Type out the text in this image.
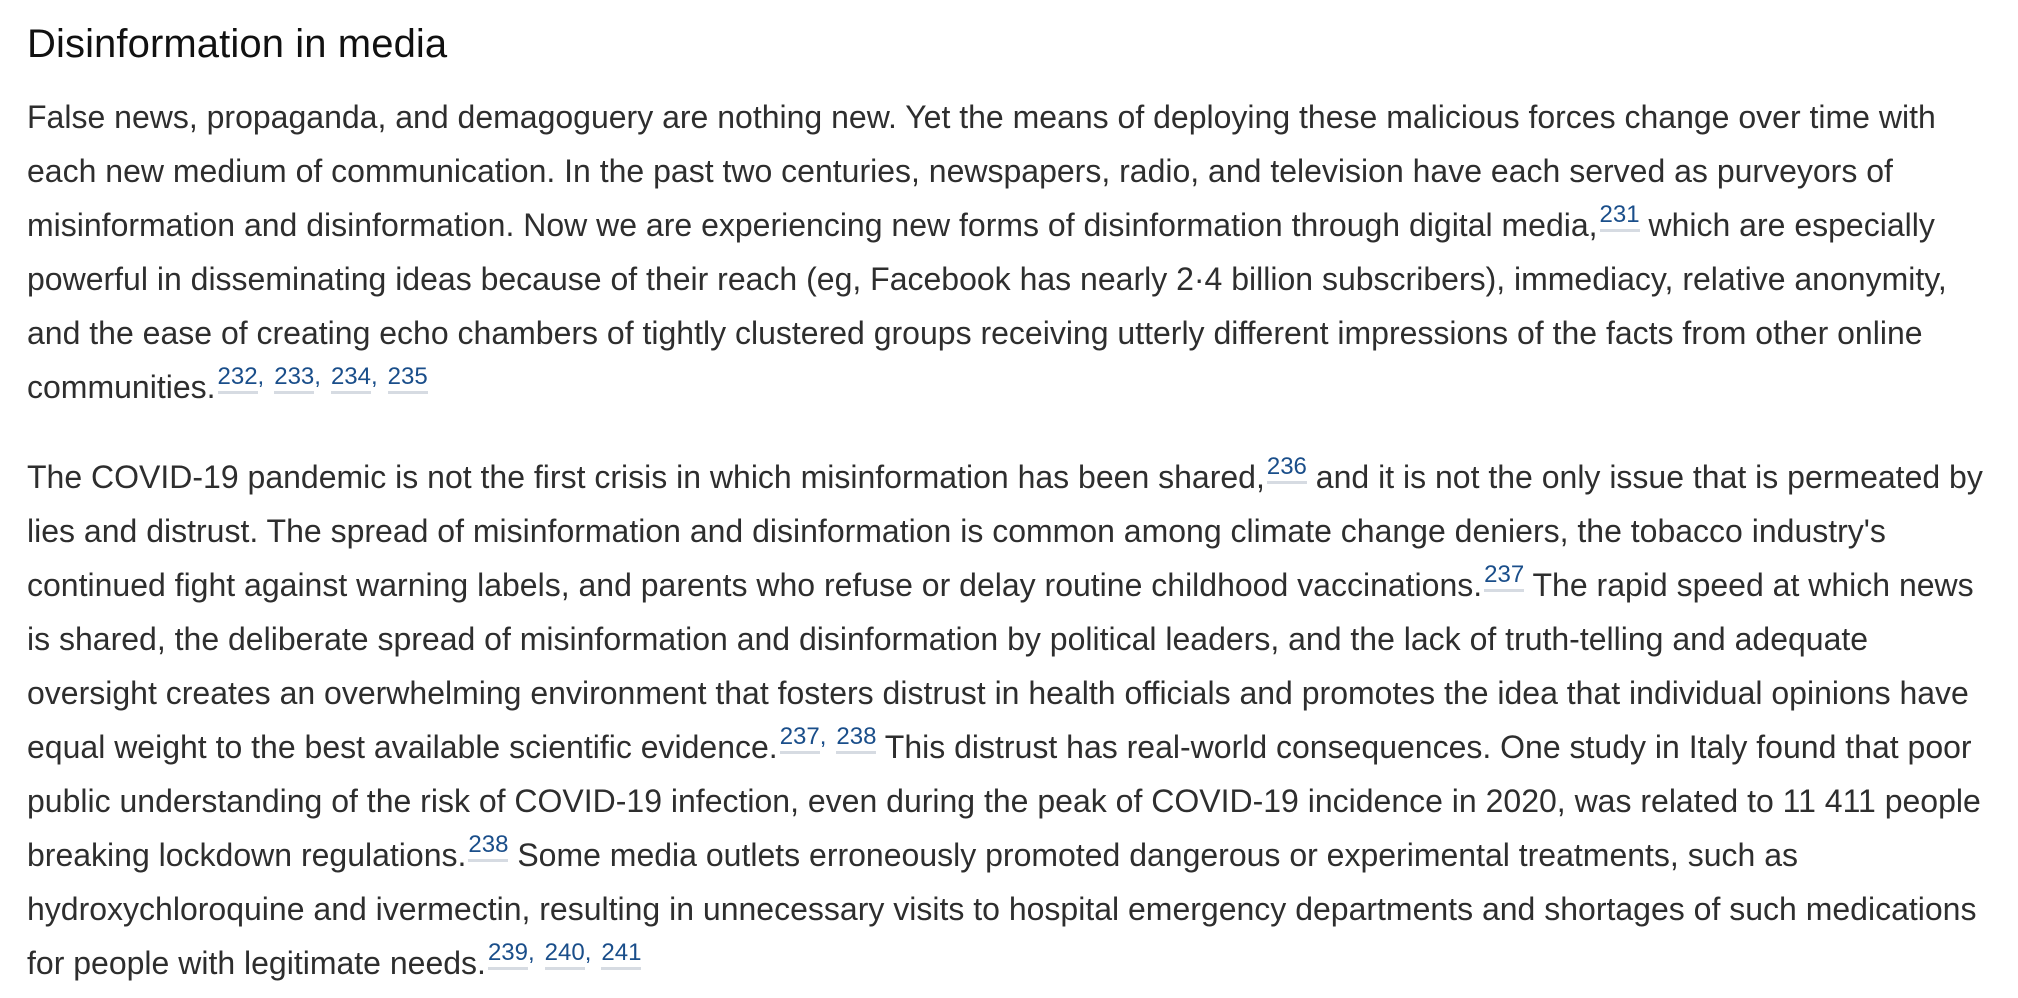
Disinformation in media

False news, propaganda, and demagoguery are nothing new. Yet the means of deploying these malicious forces change over time with each new medium of communication. In the past two centuries, newspapers, radio, and television have each served as purveyors of misinformation and disinformation. Now we are experiencing new forms of disinformation through digital media,$^{231}$ which are especially powerful in disseminating ideas because of their reach (eg, Facebook has nearly 2·4 billion subscribers), immediacy, relative anonymity, and the ease of creating echo chambers of tightly clustered groups receiving utterly different impressions of the facts from other online communities.$^{232, 233, 234, 235}$

The COVID-19 pandemic is not the first crisis in which misinformation has been shared,$^{236}$ and it is not the only issue that is permeated by lies and distrust. The spread of misinformation and disinformation is common among climate change deniers, the tobacco industry's continued fight against warning labels, and parents who refuse or delay routine childhood vaccinations.$^{237}$ The rapid speed at which news is shared, the deliberate spread of misinformation and disinformation by political leaders, and the lack of truth-telling and adequate oversight creates an overwhelming environment that fosters distrust in health officials and promotes the idea that individual opinions have equal weight to the best available scientific evidence.$^{237, 238}$ This distrust has real-world consequences. One study in Italy found that poor public understanding of the risk of COVID-19 infection, even during the peak of COVID-19 incidence in 2020, was related to 11 411 people breaking lockdown regulations.$^{238}$ Some media outlets erroneously promoted dangerous or experimental treatments, such as hydroxychloroquine and ivermectin, resulting in unnecessary visits to hospital emergency departments and shortages of such medications for people with legitimate needs.$^{239, 240, 241}$
